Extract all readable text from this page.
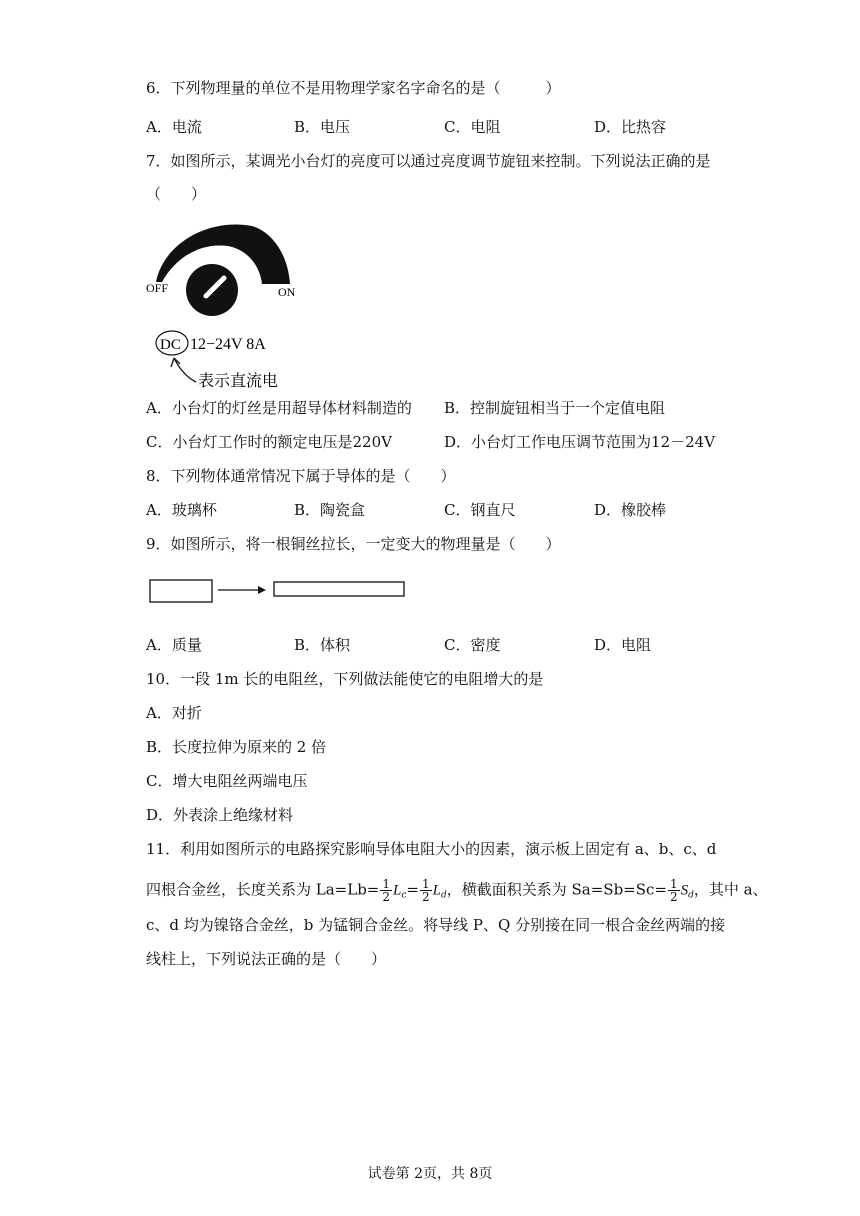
6．下列物理量的单位不是用物理学家名字命名的是（　　　）
A．电流	B．电压	C．电阻	D．比热容
7．如图所示，某调光小台灯的亮度可以通过亮度调节旋钮来控制。下列说法正确的是
（　　）
OFF	ON
DC 12−24V 8A
表示直流电
A．小台灯的灯丝是用超导体材料制造的 B．控制旋钮相当于一个定值电阻
C．小台灯工作时的额定电压是220V	D．小台灯工作电压调节范围为12－24V
8．下列物体通常情况下属于导体的是（　　）
A．玻璃杯	B．陶瓷盒	C．钢直尺	D．橡胶棒
9．如图所示，将一根铜丝拉长，一定变大的物理量是（　　）
A．质量	B．体积	C．密度	D．电阻
10．一段 1m 长的电阻丝，下列做法能使它的电阻增大的是
A．对折
B．长度拉伸为原来的 2 倍
C．增大电阻丝两端电压
D．外表涂上绝缘材料
11．利用如图所示的电路探究影响导体电阻大小的因素，演示板上固定有 a、b、c、d
四根合金丝，长度关系为 $La=Lb= \frac{1}{2} L_c= \frac{1}{2} L_d$，横截面积关系为 $Sa=Sb=Sc= \frac{1}{2} S_d$，其中 a、
c、d 均为镍铬合金丝，b 为锰铜合金丝。将导线 P、Q 分别接在同一根合金丝两端的接
线柱上，下列说法正确的是（　　）
试卷第 2页，共 8页
